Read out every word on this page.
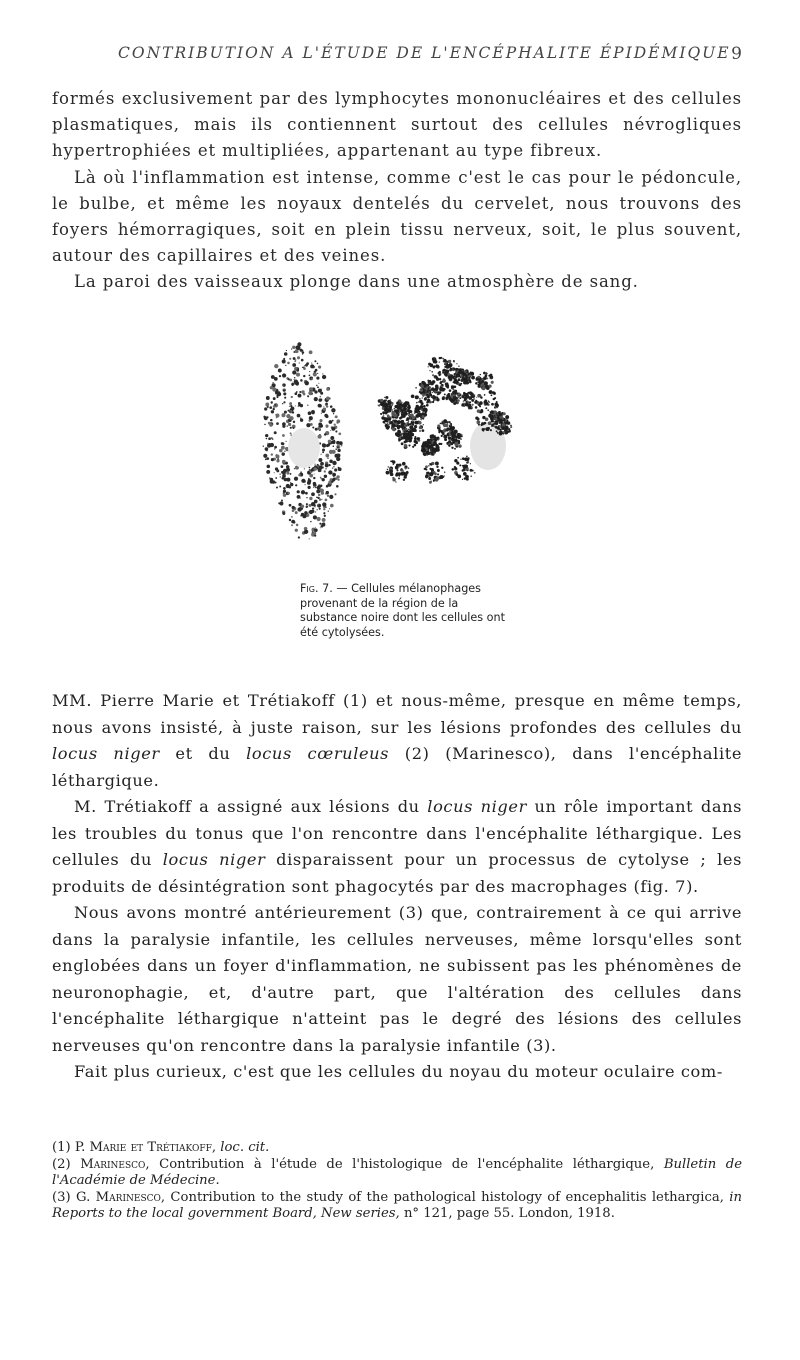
CONTRIBUTION A L'ÉTUDE DE L'ENCÉPHALITE ÉPIDÉMIQUE 9

formés exclusivement par des lymphocytes mononucléaires et des cellules plasmatiques, mais ils contiennent surtout des cellules névrogliques hypertrophiées et multipliées, appartenant au type fibreux.

Là où l'inflammation est intense, comme c'est le cas pour le pédoncule, le bulbe, et même les noyaux dentelés du cervelet, nous trouvons des foyers hémorragiques, soit en plein tissu nerveux, soit, le plus souvent, autour des capillaires et des veines.

La paroi des vaisseaux plonge dans une atmosphère de sang.

Fig. 7. — Cellules mélanophages provenant de la région de la substance noire dont les cellules ont été cytolysées.

MM. Pierre Marie et Trétiakoff (1) et nous-même, presque en même temps, nous avons insisté, à juste raison, sur les lésions profondes des cellules du locus niger et du locus cœruleus (2) (Marinesco), dans l'encéphalite léthargique.

M. Trétiakoff a assigné aux lésions du locus niger un rôle important dans les troubles du tonus que l'on rencontre dans l'encéphalite léthargique. Les cellules du locus niger disparaissent pour un processus de cytolyse ; les produits de désintégration sont phagocytés par des macrophages (fig. 7).

Nous avons montré antérieurement (3) que, contrairement à ce qui arrive dans la paralysie infantile, les cellules nerveuses, même lorsqu'elles sont englobées dans un foyer d'inflammation, ne subissent pas les phénomènes de neuronophagie, et, d'autre part, que l'altération des cellules dans l'encéphalite léthargique n'atteint pas le degré des lésions des cellules nerveuses qu'on rencontre dans la paralysie infantile (3).

Fait plus curieux, c'est que les cellules du noyau du moteur oculaire com-

(1) P. Marie et Trétiakoff, loc. cit.

(2) Marinesco, Contribution à l'étude de l'histologique de l'encéphalite léthargique, Bulletin de l'Académie de Médecine.

(3) G. Marinesco, Contribution to the study of the pathological histology of encephalitis lethargica, in Reports to the local government Board, New series, n° 121, page 55. London, 1918.
